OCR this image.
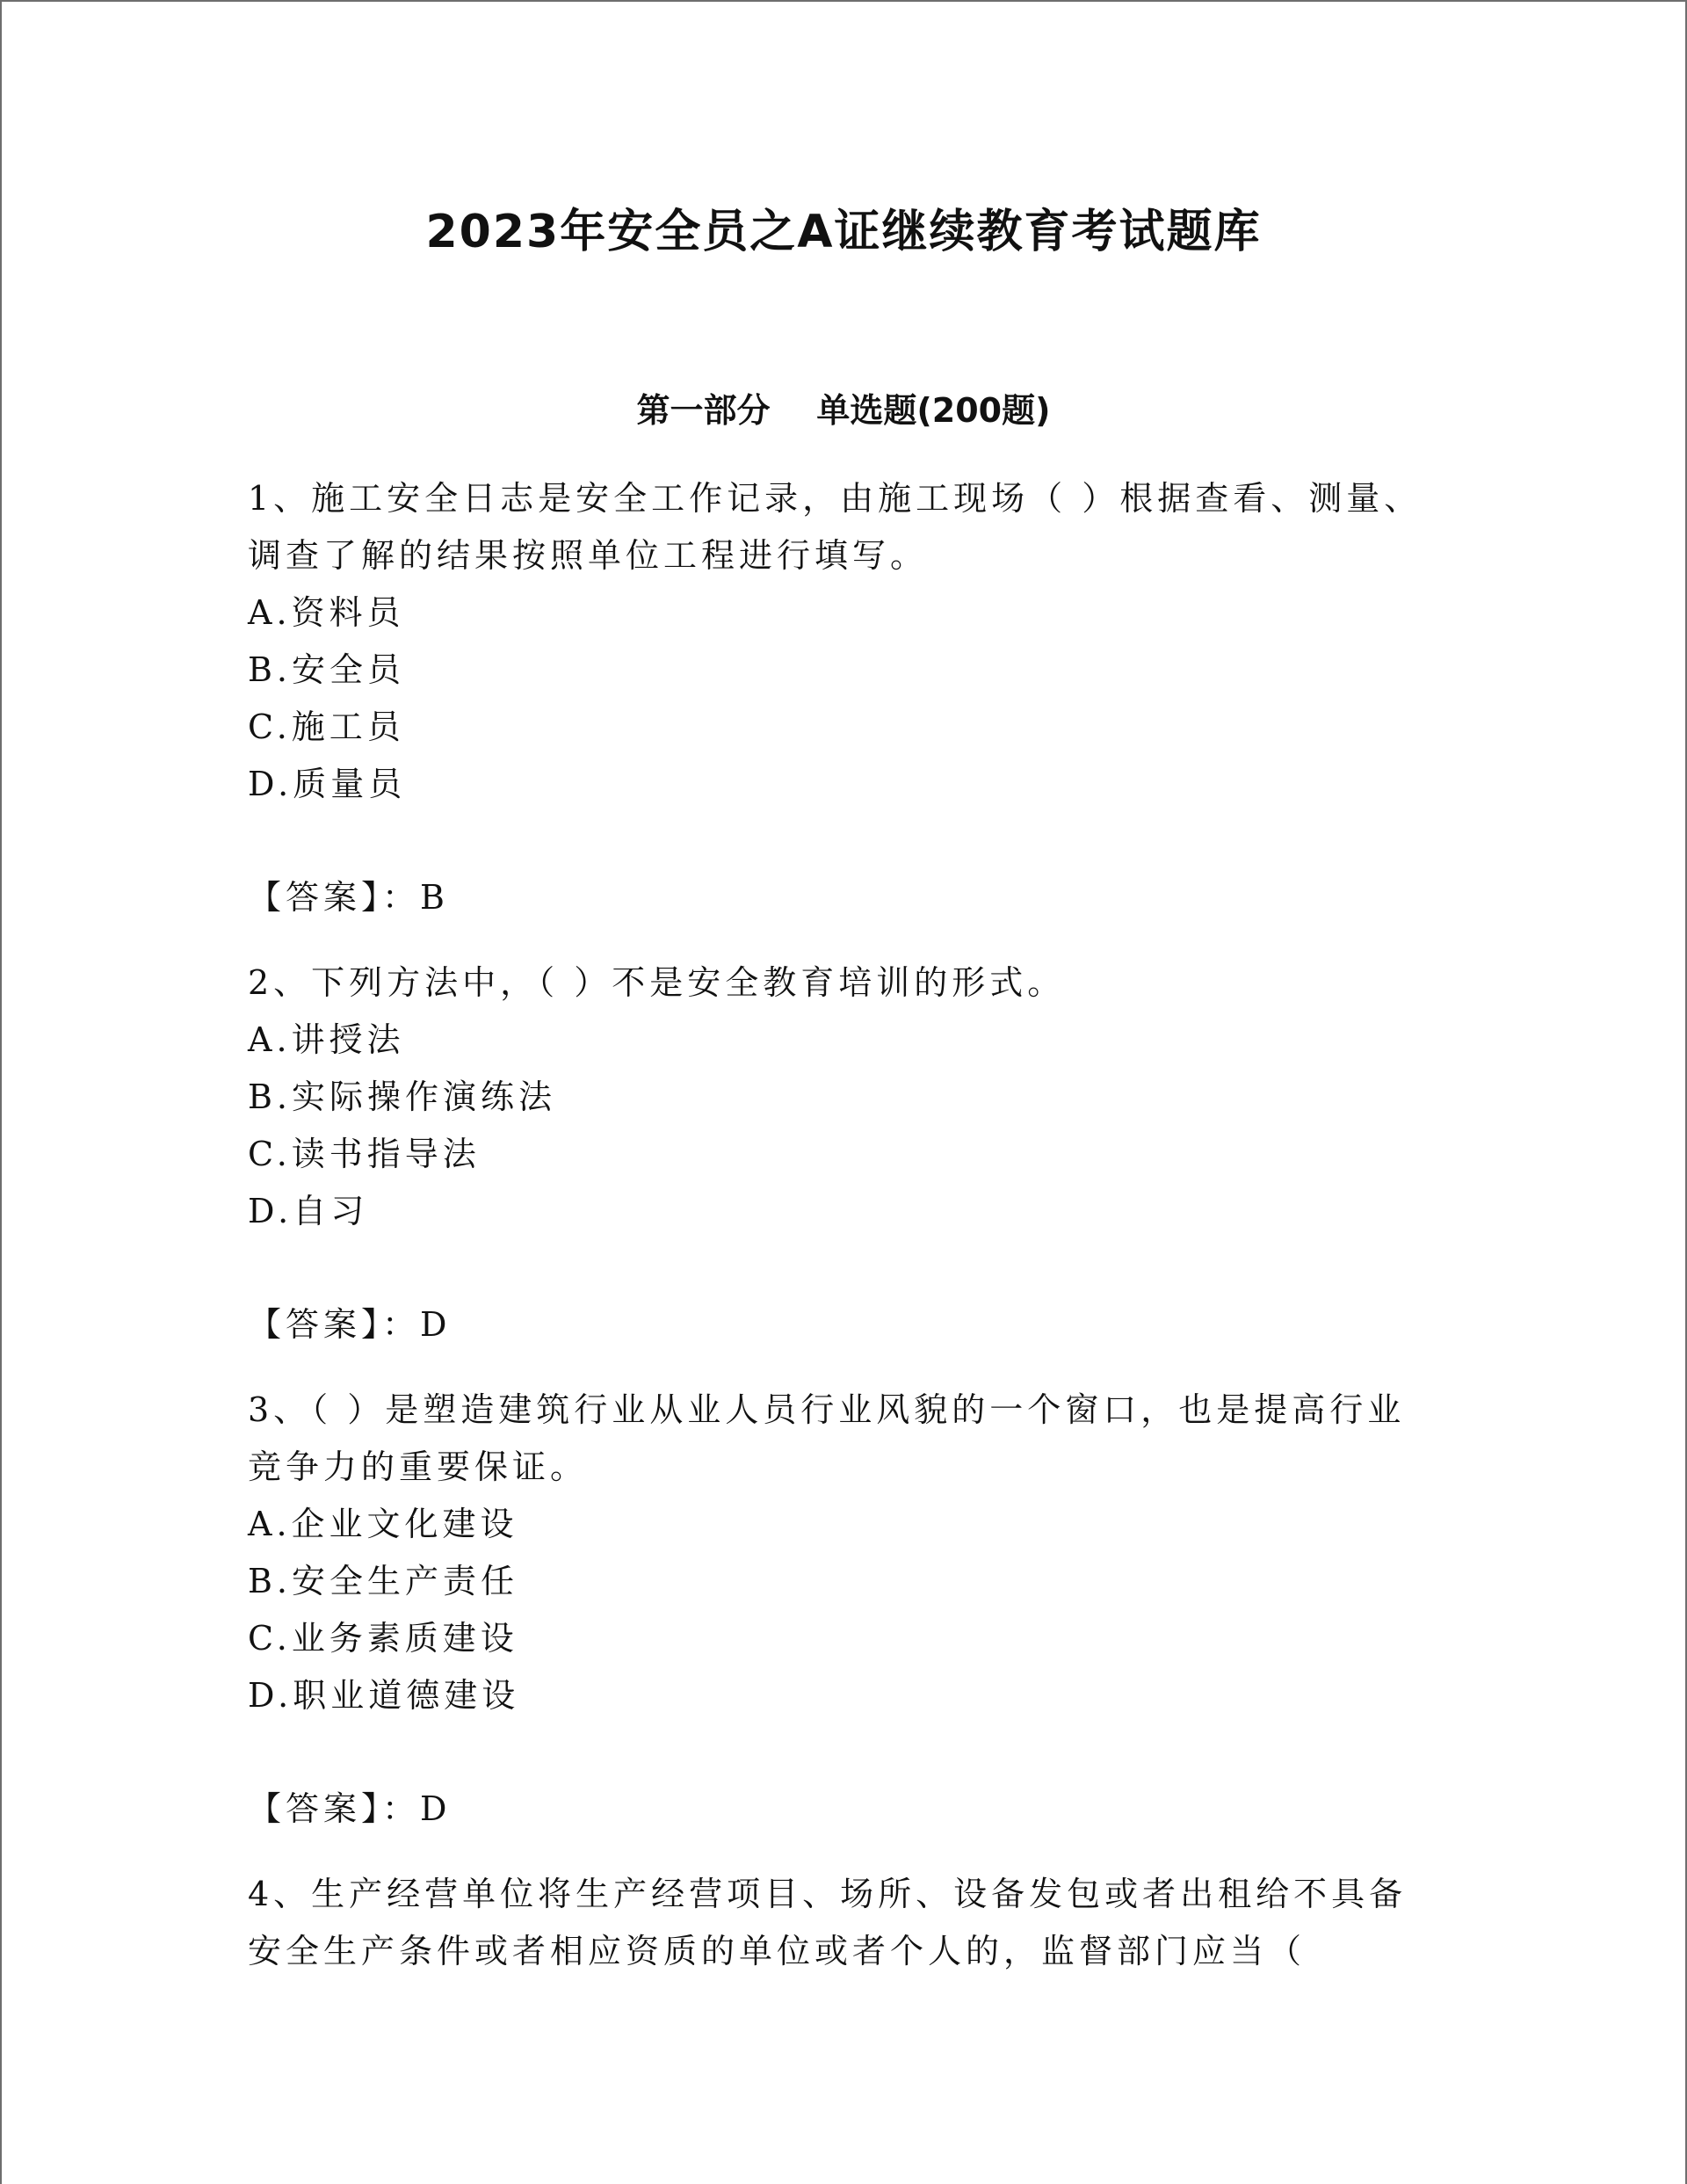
2023年安全员之A证继续教育考试题库
第一部分    单选题(200题)

1、施工安全日志是安全工作记录，由施工现场（ ）根据查看、测量、调查了解的结果按照单位工程进行填写。

A.资料员

B.安全员

C.施工员

D.质量员

【答案】：B

2、下列方法中，（ ）不是安全教育培训的形式。

A.讲授法

B.实际操作演练法

C.读书指导法

D.自习

【答案】：D

3、（ ）是塑造建筑行业从业人员行业风貌的一个窗口，也是提高行业竞争力的重要保证。

A.企业文化建设

B.安全生产责任

C.业务素质建设

D.职业道德建设

【答案】：D

4、生产经营单位将生产经营项目、场所、设备发包或者出租给不具备安全生产条件或者相应资质的单位或者个人的，监督部门应当（
